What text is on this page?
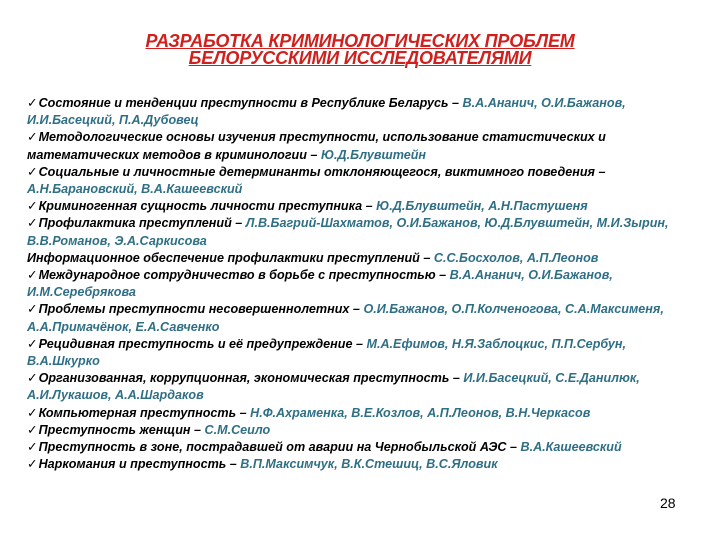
РАЗРАБОТКА КРИМИНОЛОГИЧЕСКИХ ПРОБЛЕМ
БЕЛОРУССКИМИ ИССЛЕДОВАТЕЛЯМИ
✓Состояние и тенденции преступности в Республике Беларусь – В.А.Ананич, О.И.Бажанов, И.И.Басецкий, П.А.Дубовец
✓Методологические основы изучения преступности, использование статистических и математических методов в криминологии – Ю.Д.Блувштейн
✓Социальные и личностные детерминанты отклоняющегося, виктимного поведения – А.Н.Барановский, В.А.Кашеевский
✓Криминогенная сущность личности преступника – Ю.Д.Блувштейн, А.Н.Пастушеня
✓Профилактика преступлений – Л.В.Багрий-Шахматов, О.И.Бажанов, Ю.Д.Блувштейн, М.И.Зырин, В.В.Романов, Э.А.Саркисова
Информационное обеспечение профилактики преступлений – С.С.Босхолов, А.П.Леонов
✓Международное сотрудничество в борьбе с преступностью – В.А.Ананич, О.И.Бажанов, И.М.Серебрякова
✓Проблемы преступности несовершеннолетних – О.И.Бажанов, О.П.Колченогова, С.А.Максименя, А.А.Примачёнок, Е.А.Савченко
✓Рецидивная преступность и её предупреждение – М.А.Ефимов, Н.Я.Заблоцкис, П.П.Сербун, В.А.Шкурко
✓Организованная, коррупционная, экономическая преступность – И.И.Басецкий, С.Е.Данилюк, А.И.Лукашов, А.А.Шардаков
✓Компьютерная преступность – Н.Ф.Ахраменка, В.Е.Козлов, А.П.Леонов, В.Н.Черкасов
✓Преступность женщин – С.М.Сеило
✓Преступность в зоне, пострадавшей от аварии на Чернобыльской АЭС – В.А.Кашеевский
✓Наркомания и преступность – В.П.Максимчук, В.К.Стешиц, В.С.Яловик
28
